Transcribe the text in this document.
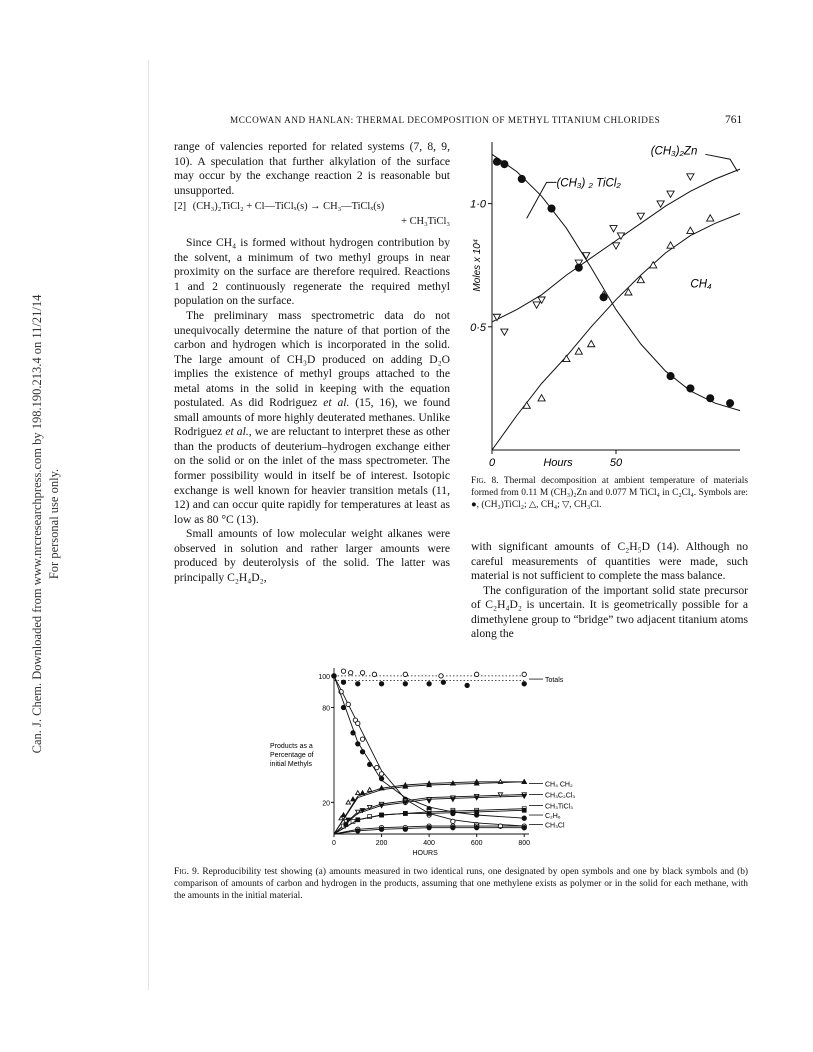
Can. J. Chem. Downloaded from www.nrcresearchpress.com by 198.190.213.4 on 11/21/14 For personal use only.
MCCOWAN AND HANLAN: THERMAL DECOMPOSITION OF METHYL TITANIUM CHLORIDES	761

range of valencies reported for related systems (7, 8, 9, 10). A speculation that further alkylation of the surface may occur by the exchange reaction 2 is reasonable but unsupported.

[2] (CH₃)₂TiCl₂ + Cl—TiClₓ(s) → CH₃—TiClₓ(s)
+ CH₃TiCl₃

Since CH₄ is formed without hydrogen contribution by the solvent, a minimum of two methyl groups in near proximity on the surface are therefore required. Reactions 1 and 2 continuously regenerate the required methyl population on the surface.

The preliminary mass spectrometric data do not unequivocally determine the nature of that portion of the carbon and hydrogen which is incorporated in the solid. The large amount of CH₃D produced on adding D₂O implies the existence of methyl groups attached to the metal atoms in the solid in keeping with the equation postulated. As did Rodriguez et al. (15, 16), we found small amounts of more highly deuterated methanes. Unlike Rodriguez et al., we are reluctant to interpret these as other than the products of deuterium–hydrogen exchange either on the solid or on the inlet of the mass spectrometer. The former possibility would in itself be of interest. Isotopic exchange is well known for heavier transition metals (11, 12) and can occur quite rapidly for temperatures at least as low as 80 °C (13).

Small amounts of low molecular weight alkanes were observed in solution and rather larger amounts were produced by deuterolysis of the solid. The latter was principally C₂H₄D₂,

0·5
1·0
0	50
Hours
Moles x 10⁴
(CH₃)₂Zn
(CH₃) ₂ TiCl₂
CH₄
Fig. 8. Thermal decomposition at ambient temperature of materials formed from 0.11 M (CH₃)₂Zn and 0.077 M TiCl₄ in C₂Cl₄. Symbols are: ●, (CH₃)TiCl₂; △, CH₄; ▽, CH₃Cl.

with significant amounts of C₂H₅D (14). Although no careful measurements of quantities were made, such material is not sufficient to complete the mass balance.

The configuration of the important solid state precursor of C₂H₄D₂ is uncertain. It is geometrically possible for a dimethylene group to “bridge” two adjacent titanium atoms along the

20
80
100
0	200	400	600	800
HOURS
Products as a Percentage of initial Methyls
Totals
CH₄ CH₂
CH₃C₂Cl₃
CH₃TiCl₃
C₂H₆
CH₃Cl
Fig. 9. Reproducibility test showing (a) amounts measured in two identical runs, one designated by open symbols and one by black symbols and (b) comparison of amounts of carbon and hydrogen in the products, assuming that one methylene exists as polymer or in the solid for each methane, with the amounts in the initial material.
